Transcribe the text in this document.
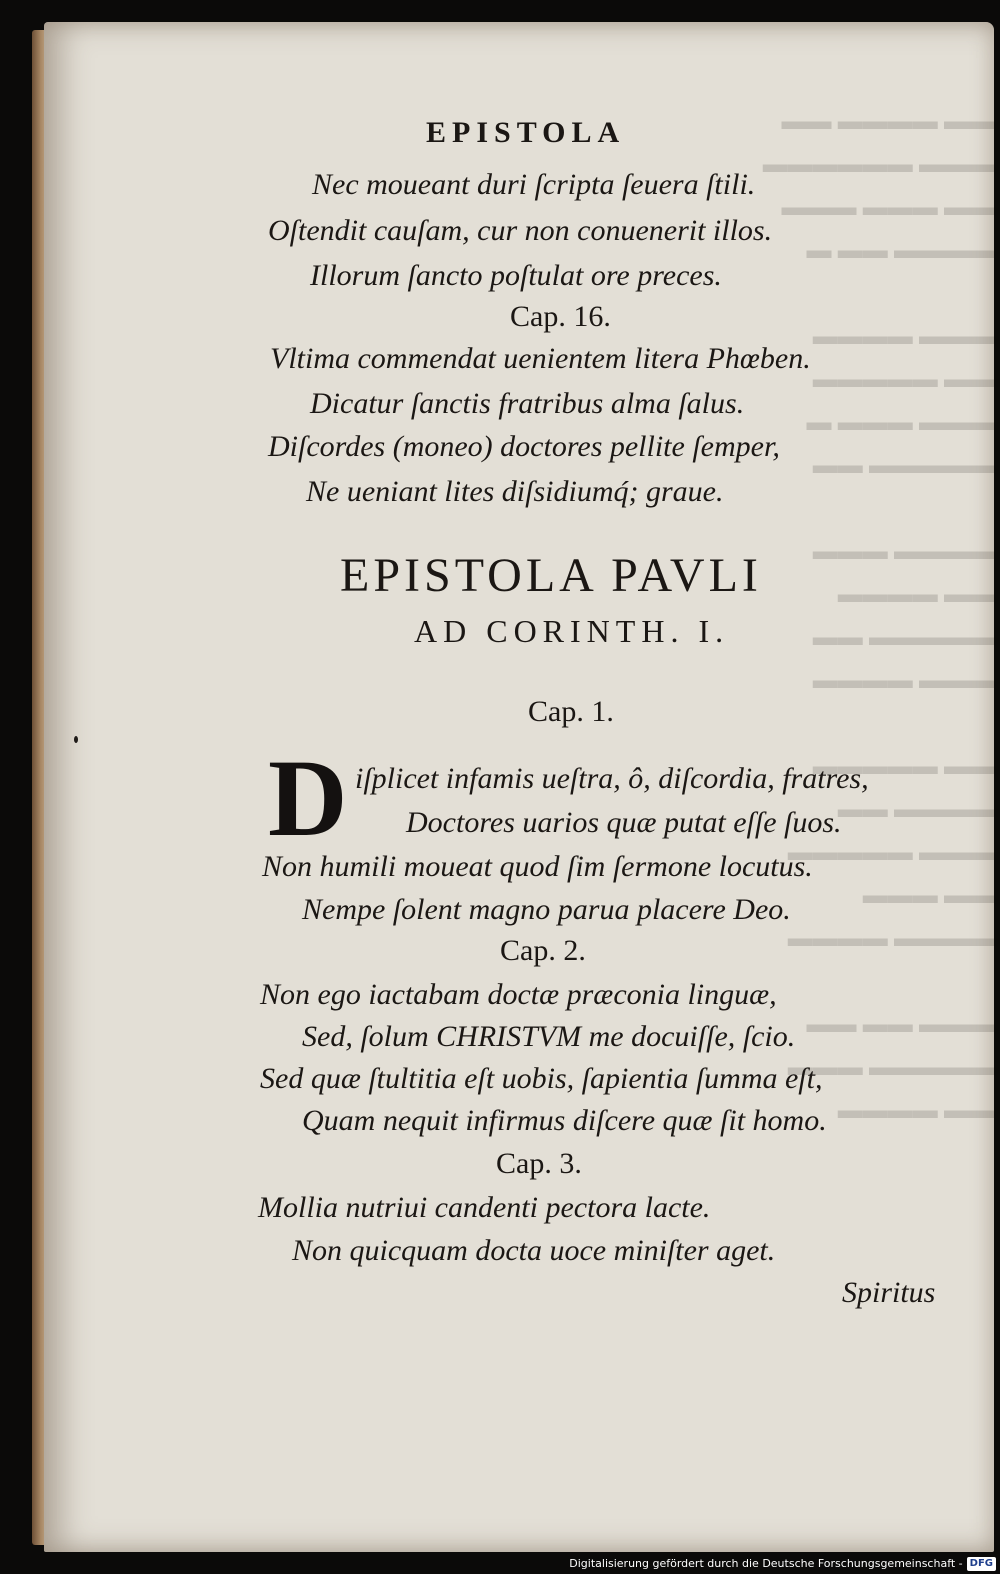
▬▬ ▬▬▬▬ ▬▬
▬▬▬ ▬▬▬▬▬▬
▬▬ ▬▬▬ ▬▬▬
▬▬▬▬ ▬▬ ▬

▬▬▬ ▬▬▬▬
▬▬ ▬▬▬▬▬
▬▬▬ ▬▬▬ ▬
▬▬▬▬▬ ▬▬

▬▬▬▬ ▬▬▬
▬▬ ▬▬▬▬
▬▬▬▬▬ ▬▬
▬▬▬ ▬▬▬▬

▬▬ ▬▬▬▬▬
▬▬▬▬ ▬▬
▬▬▬ ▬▬▬▬▬
▬▬ ▬▬▬
▬▬▬▬ ▬▬▬▬

▬▬▬ ▬▬ ▬▬
▬▬▬▬▬ ▬▬▬
▬▬ ▬▬▬▬
EPISTOLA
Nec moueant duri ſcripta ſeuera ſtili.
Oſtendit cauſam, cur non conuenerit illos.
Illorum ſancto poſtulat ore preces.
Cap. 16.
Vltima commendat uenientem litera Phœben.
Dicatur ſanctis fratribus alma ſalus.
Diſcordes (moneo) doctores pellite ſemper,
Ne ueniant lites diſsidiumq́; graue.
EPISTOLA PAVLI
AD CORINTH. I.
Cap. 1.
D iſplicet infamis ueſtra, ô, diſcordia, fratres,
Doctores uarios quæ putat eſſe ſuos.
Non humili moueat quod ſim ſermone locutus.
Nempe ſolent magno parua placere Deo.
Cap. 2.
Non ego iactabam doctæ præconia linguæ,
Sed, ſolum CHRISTVM me docuiſſe, ſcio.
Sed quæ ſtultitia eſt uobis, ſapientia ſumma eſt,
Quam nequit infirmus diſcere quæ ſit homo.
Cap. 3.
Mollia nutriui candenti pectora lacte.
Non quicquam docta uoce miniſter aget.
Spiritus
Digitalisierung gefördert durch die Deutsche Forschungsgemeinschaft - DFG
